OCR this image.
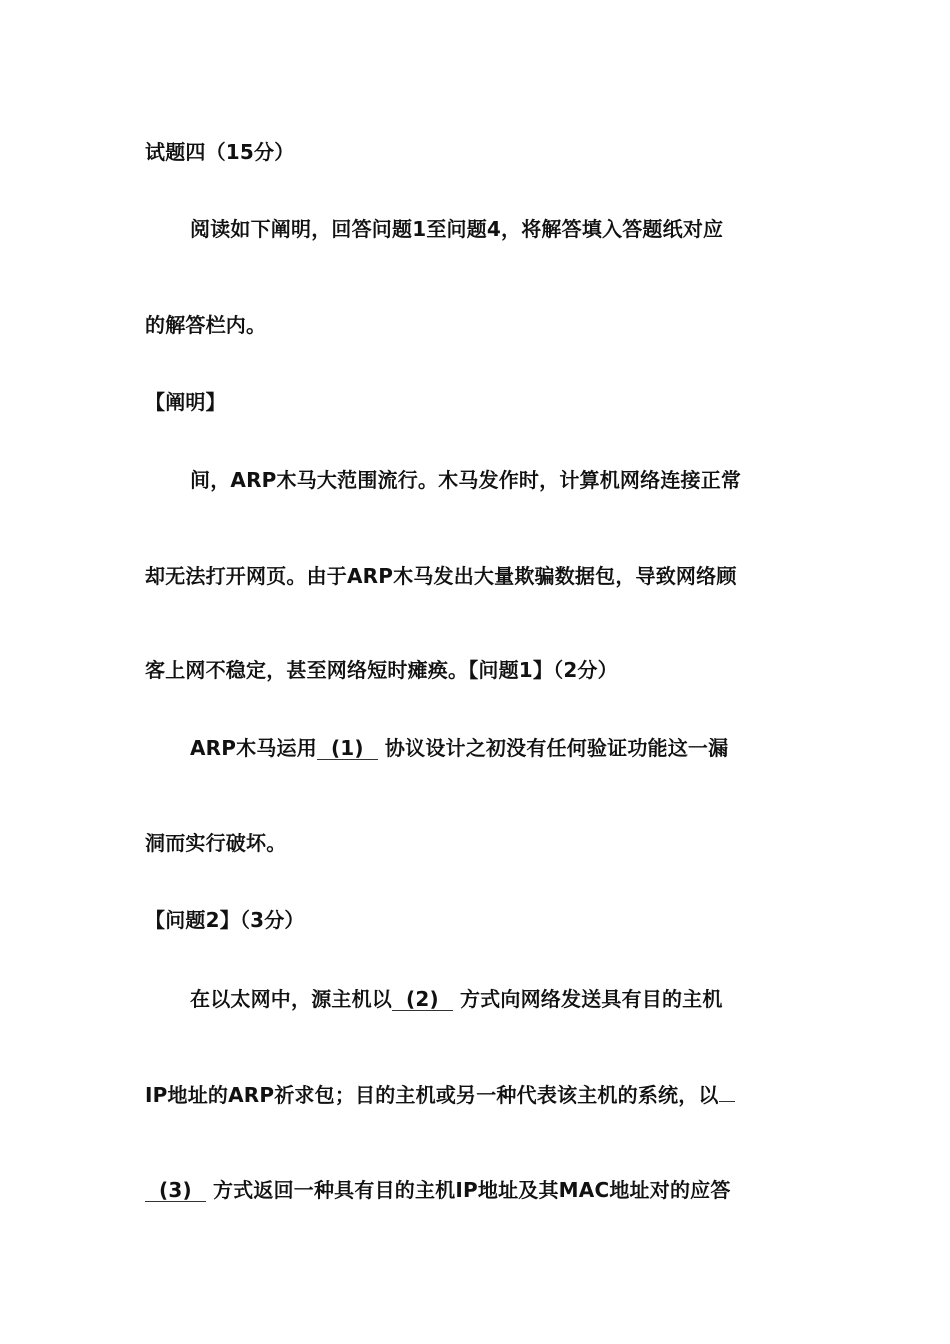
试题四（15分）
阅读如下阐明，回答问题1至问题4，将解答填入答题纸对应
的解答栏内。
【阐明】
间，ARP木马大范围流行。木马发作时，计算机网络连接正常
却无法打开网页。由于ARP木马发出大量欺骗数据包，导致网络顾
客上网不稳定，甚至网络短时瘫痪。【问题1】（2分）
ARP木马运用 (1) 协议设计之初没有任何验证功能这一漏
洞而实行破坏。
【问题2】（3分）
在以太网中，源主机以 (2) 方式向网络发送具有目的主机
IP地址的ARP祈求包；目的主机或另一种代表该主机的系统，以
(3) 方式返回一种具有目的主机IP地址及其MAC地址对的应答
